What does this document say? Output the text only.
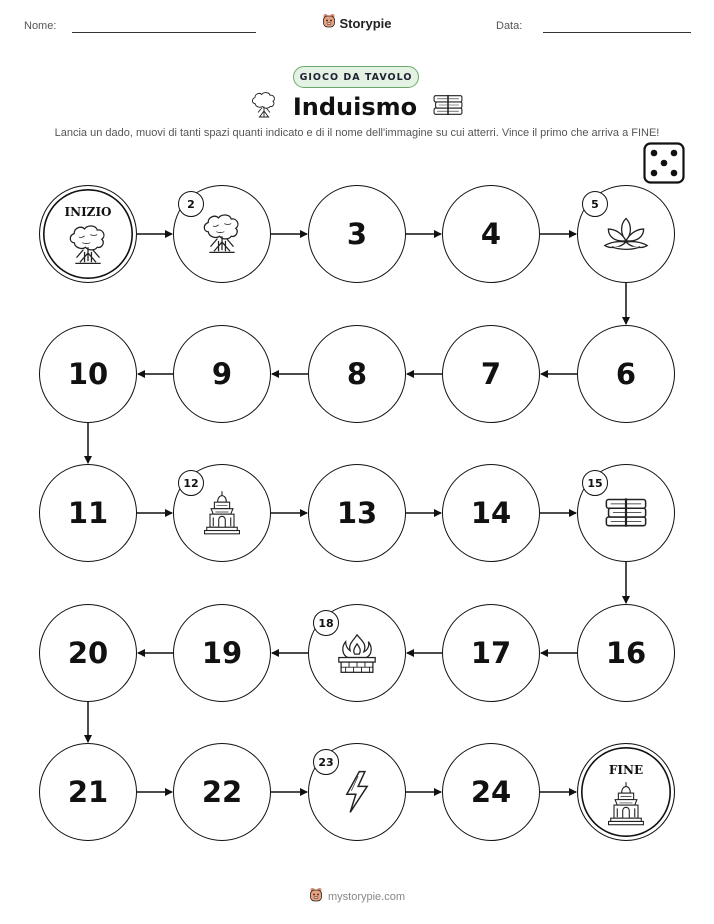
Nome:	Storypie	Data:
GIOCO DA TAVOLO
Induismo
Lancia un dado, muovi di tanti spazi quanti indicato e di il nome dell'immagine su cui atterri. Vince il primo che arriva a FINE!
INIZIO
2
3	4
5
6
7
8
9
10
11
12
13	14
15
16
17
18
19
20
21	22
23
24
FINE
mystorypie.com
